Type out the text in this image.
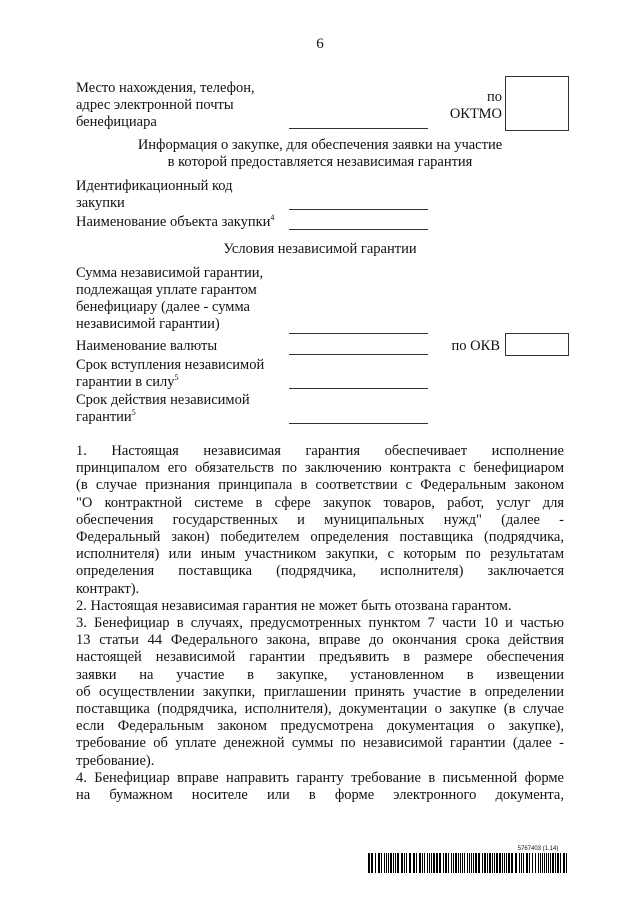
6
Место нахождения, телефон,
адрес электронной почты
бенефициара
по
ОКТМО
Информация о закупке, для обеспечения заявки на участие
в которой предоставляется независимая гарантия
Идентификационный код
закупки
Наименование объекта закупки$^4$
Условия независимой гарантии
Сумма независимой гарантии,
подлежащая уплате гарантом
бенефициару (далее - сумма
независимой гарантии)
Наименование валюты	по ОКВ
Срок вступления независимой
гарантии в силу$^5$
Срок действия независимой
гарантии$^5$

1. Настоящая независимая гарантия обеспечивает исполнение

принципалом его обязательств по заключению контракта с бенефициаром

(в случае признания принципала в соответствии с Федеральным законом

"О контрактной системе в сфере закупок товаров, работ, услуг для

обеспечения государственных и муниципальных нужд" (далее -

Федеральный закон) победителем определения поставщика (подрядчика,

исполнителя) или иным участником закупки, с которым по результатам

определения поставщика (подрядчика, исполнителя) заключается

контракт).

2. Настоящая независимая гарантия не может быть отозвана гарантом.

3. Бенефициар в случаях, предусмотренных пунктом 7 части 10 и частью

13 статьи 44 Федерального закона, вправе до окончания срока действия

настоящей независимой гарантии предъявить в размере обеспечения

заявки на участие в закупке, установленном в извещении

об осуществлении закупки, приглашении принять участие в определении

поставщика (подрядчика, исполнителя), документации о закупке (в случае

если Федеральным законом предусмотрена документация о закупке),

требование об уплате денежной суммы по независимой гарантии (далее -

требование).

4. Бенефициар вправе направить гаранту требование в письменной форме

на бумажном носителе или в форме электронного документа,

5767403 (1.14)
